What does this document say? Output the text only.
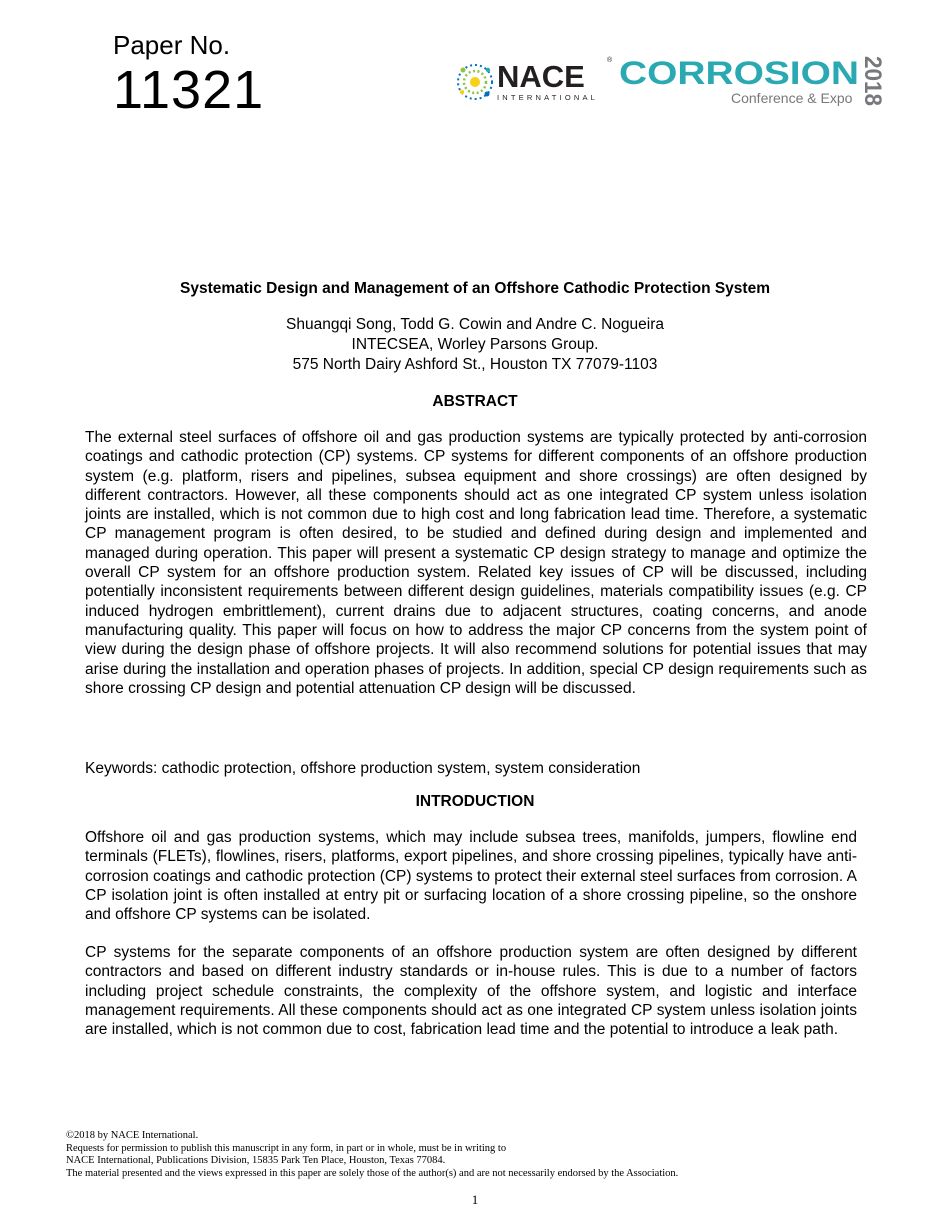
Paper No.
11321	NACE
INTERNATIONAL
® CORROSION
Conference & Expo 2018
Systematic Design and Management of an Offshore Cathodic Protection System
Shuangqi Song, Todd G. Cowin and Andre C. Nogueira
INTECSEA, Worley Parsons Group.
575 North Dairy Ashford St., Houston TX 77079-1103
ABSTRACT
The external steel surfaces of offshore oil and gas production systems are typically protected by anti-corrosion coatings and cathodic protection (CP) systems. CP systems for different components of an offshore production system (e.g. platform, risers and pipelines, subsea equipment and shore crossings) are often designed by different contractors. However, all these components should act as one integrated CP system unless isolation joints are installed, which is not common due to high cost and long fabrication lead time. Therefore, a systematic CP management program is often desired, to be studied and defined during design and implemented and managed during operation. This paper will present a systematic CP design strategy to manage and optimize the overall CP system for an offshore production system. Related key issues of CP will be discussed, including potentially inconsistent requirements between different design guidelines, materials compatibility issues (e.g. CP induced hydrogen embrittlement), current drains due to adjacent structures, coating concerns, and anode manufacturing quality. This paper will focus on how to address the major CP concerns from the system point of view during the design phase of offshore projects. It will also recommend solutions for potential issues that may arise during the installation and operation phases of projects. In addition, special CP design requirements such as shore crossing CP design and potential attenuation CP design will be discussed.
Keywords: cathodic protection, offshore production system, system consideration
INTRODUCTION
Offshore oil and gas production systems, which may include subsea trees, manifolds, jumpers, flowline end terminals (FLETs), flowlines, risers, platforms, export pipelines, and shore crossing pipelines, typically have anti-corrosion coatings and cathodic protection (CP) systems to protect their external steel surfaces from corrosion. A CP isolation joint is often installed at entry pit or surfacing location of a shore crossing pipeline, so the onshore and offshore CP systems can be isolated.
CP systems for the separate components of an offshore production system are often designed by different contractors and based on different industry standards or in-house rules. This is due to a number of factors including project schedule constraints, the complexity of the offshore system, and logistic and interface management requirements. All these components should act as one integrated CP system unless isolation joints are installed, which is not common due to cost, fabrication lead time and the potential to introduce a leak path.
©2018 by NACE International.
Requests for permission to publish this manuscript in any form, in part or in whole, must be in writing to
NACE International, Publications Division, 15835 Park Ten Place, Houston, Texas 77084.
The material presented and the views expressed in this paper are solely those of the author(s) and are not necessarily endorsed by the Association.
1
